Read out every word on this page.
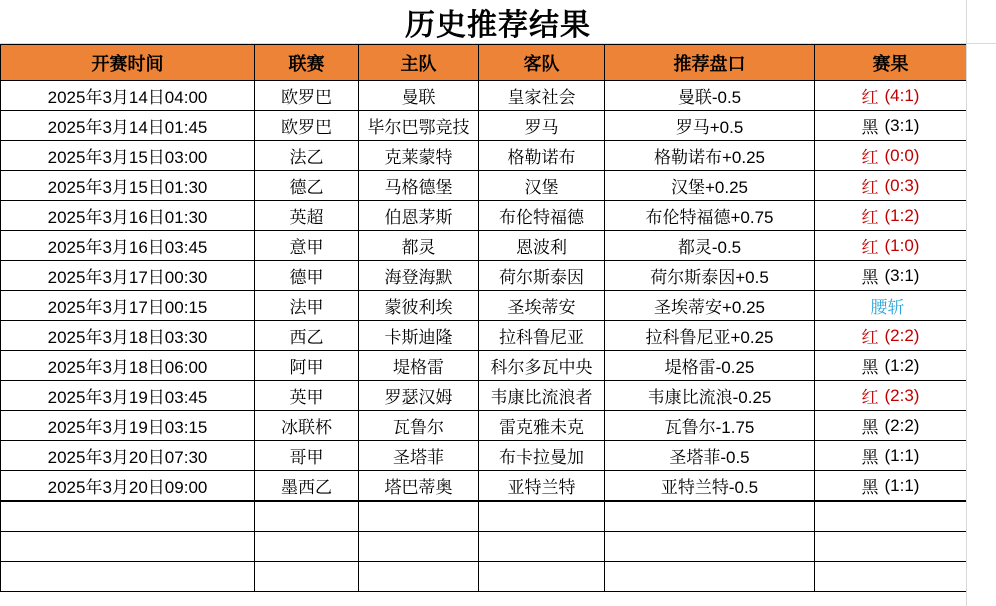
历史推荐结果
开赛时间	联赛	主队	客队	推荐盘口	赛果
2025年3月14日04:00	欧罗巴	曼联	皇家社会	曼联-0.5	红 (4:1)

2025年3月14日01:45	欧罗巴	毕尔巴鄂竞技	罗马	罗马+0.5	黑 (3:1)

2025年3月15日03:00	法乙	克莱蒙特	格勒诺布	格勒诺布+0.25	红 (0:0)

2025年3月15日01:30	德乙	马格德堡	汉堡	汉堡+0.25	红 (0:3)

2025年3月16日01:30	英超	伯恩茅斯	布伦特福德	布伦特福德+0.75	红 (1:2)

2025年3月16日03:45	意甲	都灵	恩波利	都灵-0.5	红 (1:0)

2025年3月17日00:30	德甲	海登海默	荷尔斯泰因	荷尔斯泰因+0.5	黑 (3:1)

2025年3月17日00:15	法甲	蒙彼利埃	圣埃蒂安	圣埃蒂安+0.25	腰斩

2025年3月18日03:30	西乙	卡斯迪隆	拉科鲁尼亚	拉科鲁尼亚+0.25	红 (2:2)

2025年3月18日06:00	阿甲	堤格雷	科尔多瓦中央	堤格雷-0.25	黑 (1:2)

2025年3月19日03:45	英甲	罗瑟汉姆	韦康比流浪者	韦康比流浪-0.25	红 (2:3)

2025年3月19日03:15	冰联杯	瓦鲁尔	雷克雅未克	瓦鲁尔-1.75	黑 (2:2)

2025年3月20日07:30	哥甲	圣塔菲	布卡拉曼加	圣塔菲-0.5	黑 (1:1)

2025年3月20日09:00	墨西乙	塔巴蒂奥	亚特兰特	亚特兰特-0.5	黑 (1:1)
